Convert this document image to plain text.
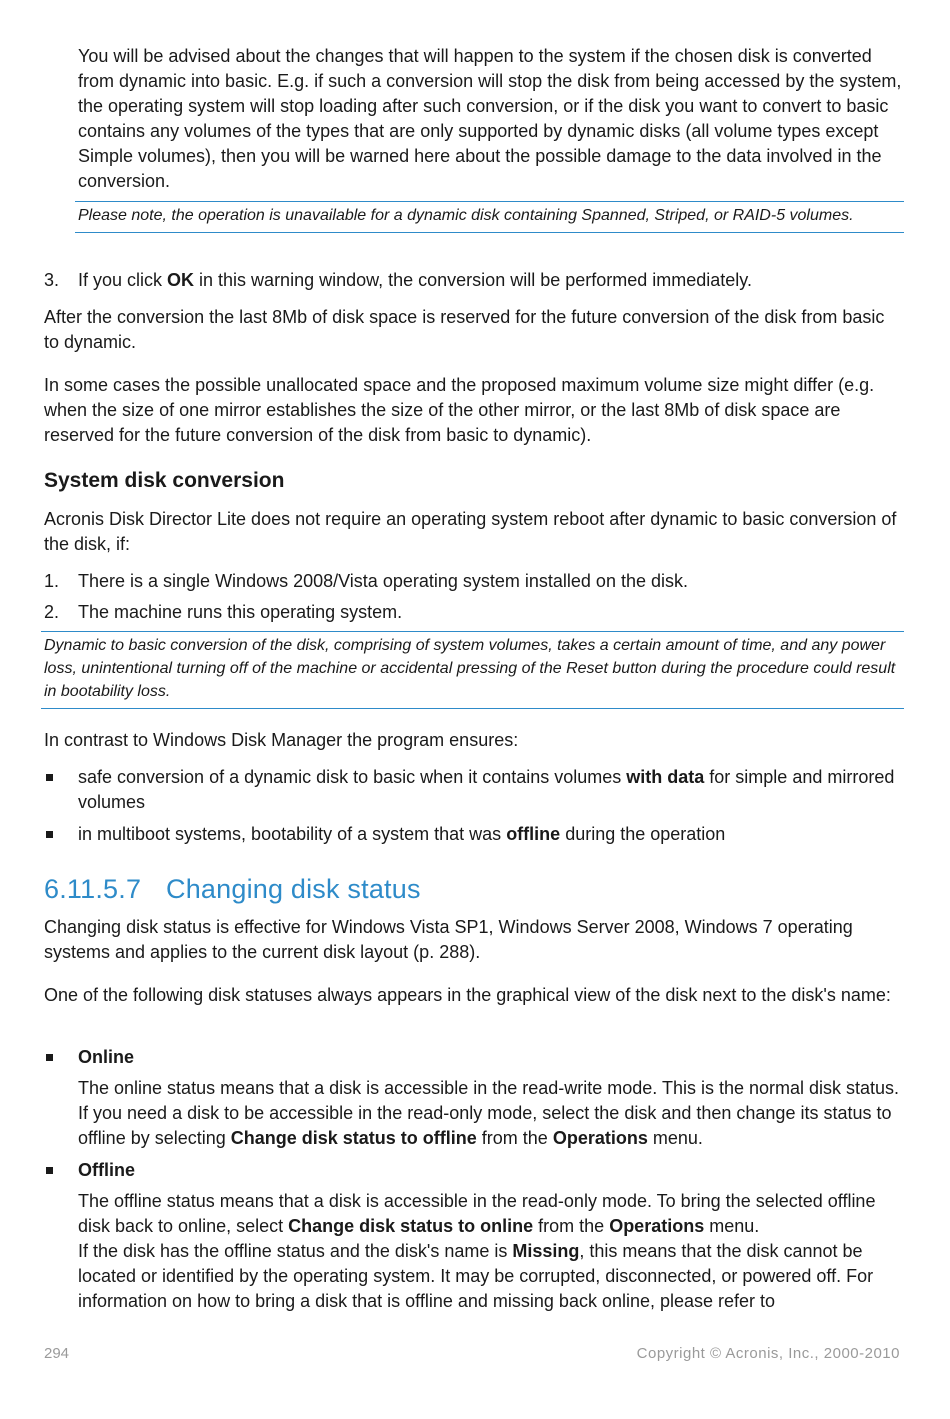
You will be advised about the changes that will happen to the system if the chosen disk is converted from dynamic into basic. E.g. if such a conversion will stop the disk from being accessed by the system, the operating system will stop loading after such conversion, or if the disk you want to convert to basic contains any volumes of the types that are only supported by dynamic disks (all volume types except Simple volumes), then you will be warned here about the possible damage to the data involved in the conversion.

Please note, the operation is unavailable for a dynamic disk containing Spanned, Striped, or RAID-5 volumes.
3.	If you click OK in this warning window, the conversion will be performed immediately.

After the conversion the last 8Mb of disk space is reserved for the future conversion of the disk from basic to dynamic.

In some cases the possible unallocated space and the proposed maximum volume size might differ (e.g. when the size of one mirror establishes the size of the other mirror, or the last 8Mb of disk space are reserved for the future conversion of the disk from basic to dynamic).

System disk conversion

Acronis Disk Director Lite does not require an operating system reboot after dynamic to basic conversion of the disk, if:

1.	There is a single Windows 2008/Vista operating system installed on the disk.
2.	The machine runs this operating system.
Dynamic to basic conversion of the disk, comprising of system volumes, takes a certain amount of time, and any power loss, unintentional turning off of the machine or accidental pressing of the Reset button during the procedure could result in bootability loss.

In contrast to Windows Disk Manager the program ensures:

safe conversion of a dynamic disk to basic when it contains volumes with data for simple and mirrored volumes
in multiboot systems, bootability of a system that was offline during the operation
6.11.5.7 Changing disk status

Changing disk status is effective for Windows Vista SP1, Windows Server 2008, Windows 7 operating systems and applies to the current disk layout (p. 288).

One of the following disk statuses always appears in the graphical view of the disk next to the disk's name:

Online

The online status means that a disk is accessible in the read-write mode. This is the normal disk status. If you need a disk to be accessible in the read-only mode, select the disk and then change its status to offline by selecting Change disk status to offline from the Operations menu.

Offline

The offline status means that a disk is accessible in the read-only mode. To bring the selected offline disk back to online, select Change disk status to online from the Operations menu.
If the disk has the offline status and the disk's name is Missing, this means that the disk cannot be located or identified by the operating system. It may be corrupted, disconnected, or powered off. For information on how to bring a disk that is offline and missing back online, please refer to

294	Copyright © Acronis, Inc., 2000-2010
